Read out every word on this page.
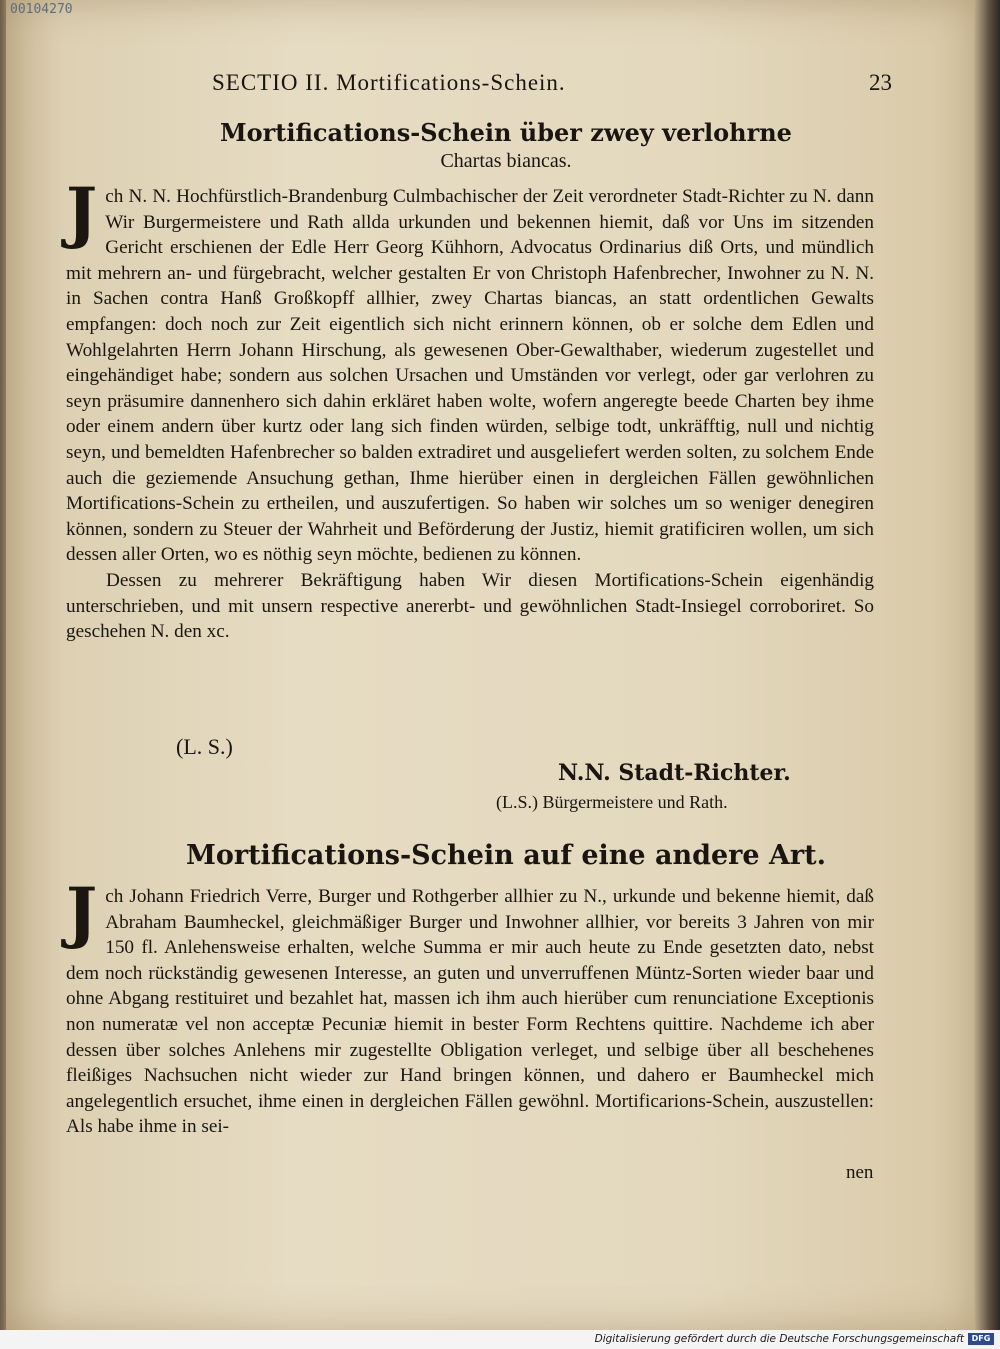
00104270
SECTIO II. Mortifications-Schein.	23
Mortifications-Schein über zwey verlohrne
Chartas biancas.
J ch N. N. Hochfürstlich-Brandenburg Culmbachischer der Zeit verordneter Stadt-Richter zu N. dann Wir Burgermeistere und Rath allda urkunden und bekennen hiemit, daß vor Uns im sitzenden Gericht erschienen der Edle Herr Georg Kühhorn, Advocatus Ordinarius diß Orts, und mündlich mit mehrern an- und fürgebracht, welcher gestalten Er von Christoph Hafenbrecher, Inwohner zu N. N. in Sachen contra Hanß Großkopff allhier, zwey Chartas biancas, an statt ordentlichen Gewalts empfangen: doch noch zur Zeit eigentlich sich nicht erinnern können, ob er solche dem Edlen und Wohlgelahrten Herrn Johann Hirschung, als gewesenen Ober-Gewalthaber, wiederum zugestellet und eingehändiget habe; sondern aus solchen Ursachen und Umständen vor verlegt, oder gar verlohren zu seyn präsumire dannenhero sich dahin erkläret haben wolte, wofern angeregte beede Charten bey ihme oder einem andern über kurtz oder lang sich finden würden, selbige todt, unkräfftig, null und nichtig seyn, und bemeldten Hafenbrecher so balden extradiret und ausgeliefert werden solten, zu solchem Ende auch die geziemende Ansuchung gethan, Ihme hierüber einen in dergleichen Fällen gewöhnlichen Mortifications-Schein zu ertheilen, und auszufertigen. So haben wir solches um so weniger denegiren können, sondern zu Steuer der Wahrheit und Beförderung der Justiz, hiemit gratificiren wollen, um sich dessen aller Orten, wo es nöthig seyn möchte, bedienen zu können.
Dessen zu mehrerer Bekräftigung haben Wir diesen Mortifications-Schein eigenhändig unterschrieben, und mit unsern respective anererbt- und gewöhnlichen Stadt-Insiegel corroboriret. So geschehen N. den xc.
(L. S.)
N.N. Stadt-Richter.
(L.S.) Bürgermeistere und Rath.
Mortifications-Schein auf eine andere Art.
J ch Johann Friedrich Verre, Burger und Rothgerber allhier zu N., urkunde und bekenne hiemit, daß Abraham Baumheckel, gleichmäßiger Burger und Inwohner allhier, vor bereits 3 Jahren von mir 150 fl. Anlehensweise erhalten, welche Summa er mir auch heute zu Ende gesetzten dato, nebst dem noch rückständig gewesenen Interesse, an guten und unverruffenen Müntz-Sorten wieder baar und ohne Abgang restituiret und bezahlet hat, massen ich ihm auch hierüber cum renunciatione Exceptionis non numeratæ vel non acceptæ Pecuniæ hiemit in bester Form Rechtens quittire. Nachdeme ich aber dessen über solches Anlehens mir zugestellte Obligation verleget, und selbige über all beschehenes fleißiges Nachsuchen nicht wieder zur Hand bringen können, und dahero er Baumheckel mich angelegentlich ersuchet, ihme einen in dergleichen Fällen gewöhnl. Mortificarions-Schein, auszustellen: Als habe ihme in sei-
nen
Digitalisierung gefördert durch die Deutsche Forschungsgemeinschaft DFG
